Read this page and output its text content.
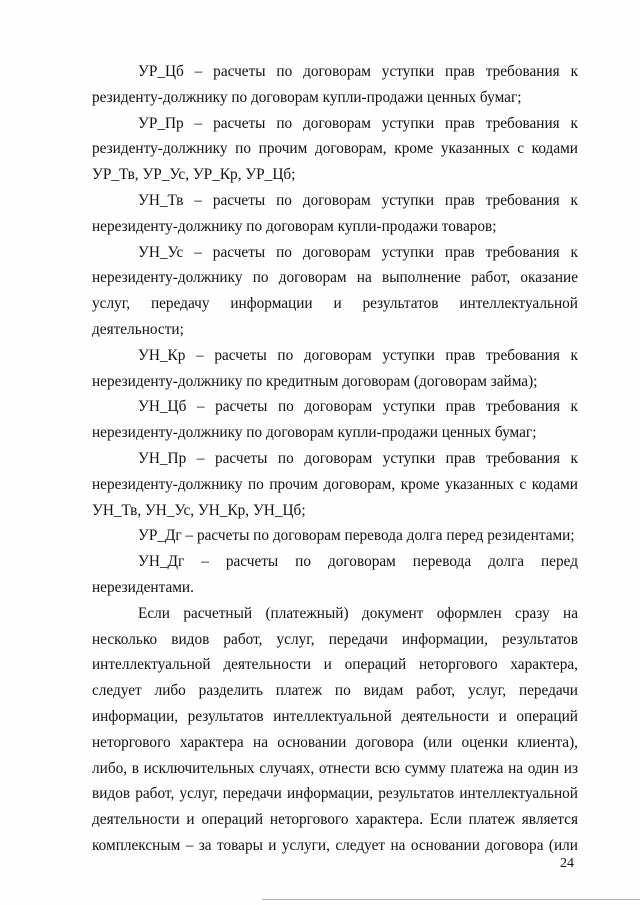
УР_Цб – расчеты по договорам уступки прав требования к резиденту-должнику по договорам купли-продажи ценных бумаг;

УР_Пр – расчеты по договорам уступки прав требования к резиденту-должнику по прочим договорам, кроме указанных с кодами УР_Тв, УР_Ус, УР_Кр, УР_Цб;

УН_Тв – расчеты по договорам уступки прав требования к нерезиденту-должнику по договорам купли-продажи товаров;

УН_Ус – расчеты по договорам уступки прав требования к нерезиденту-должнику по договорам на выполнение работ, оказание услуг, передачу информации и результатов интеллектуальной деятельности;

УН_Кр – расчеты по договорам уступки прав требования к нерезиденту-должнику по кредитным договорам (договорам займа);

УН_Цб – расчеты по договорам уступки прав требования к нерезиденту-должнику по договорам купли-продажи ценных бумаг;

УН_Пр – расчеты по договорам уступки прав требования к нерезиденту-должнику по прочим договорам, кроме указанных с кодами УН_Тв, УН_Ус, УН_Кр, УН_Цб;

УР_Дг – расчеты по договорам перевода долга перед резидентами;

УН_Дг – расчеты по договорам перевода долга перед нерезидентами.

Если расчетный (платежный) документ оформлен сразу на несколько видов работ, услуг, передачи информации, результатов интеллектуальной деятельности и операций неторгового характера, следует либо разделить платеж по видам работ, услуг, передачи информации, результатов интеллектуальной деятельности и операций неторгового характера на основании договора (или оценки клиента), либо, в исключительных случаях, отнести всю сумму платежа на один из видов работ, услуг, передачи информации, результатов интеллектуальной деятельности и операций неторгового характера. Если платеж является комплексным – за товары и услуги, следует на основании договора (или

24
